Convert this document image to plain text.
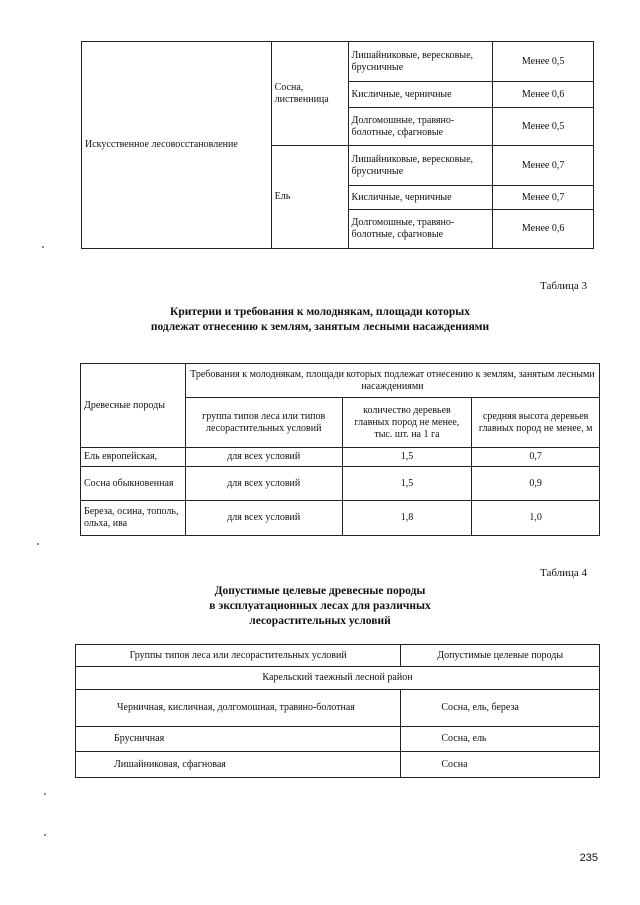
Искусственное лесовосстановление	Сосна, лиственница	Лишайниковые, вересковые, брусничные	Менее 0,5
		Кисличные, черничные	Менее 0,6
		Долгомошные, травяно-болотные, сфагновые	Менее 0,5
	Ель	Лишайниковые, вересковые, брусничные	Менее 0,7
		Кисличные, черничные	Менее 0,7
		Долгомошные, травяно-болотные, сфагновые	Менее 0,6
Таблица 3
Критерии и требования к молоднякам, площади которых
подлежат отнесению к землям, занятым лесными насаждениями
Древесные породы	Требования к молоднякам, площади которых подлежат отнесению к землям, занятым лесными насаждениями		
	группа типов леса или типов лесорастительных условий	количество деревьев главных пород не менее, тыс. шт. на 1 га	средняя высота деревьев главных пород не менее, м
Ель европейская,	для всех условий	1,5	0,7
Сосна обыкновенная	для всех условий	1,5	0,9
Береза, осина, тополь, ольха, ива	для всех условий	1,8	1,0
Таблица 4
Допустимые целевые древесные породы
в эксплуатационных лесах для различных
лесорастительных условий
Группы типов леса или лесорастительных условий	Допустимые целевые породы
Карельский таежный лесной район	
Черничная, кисличная, долгомошная, травяно-болотная	Сосна, ель, береза
Брусничная	Сосна, ель
Лишайниковая, сфагновая	Сосна
235
